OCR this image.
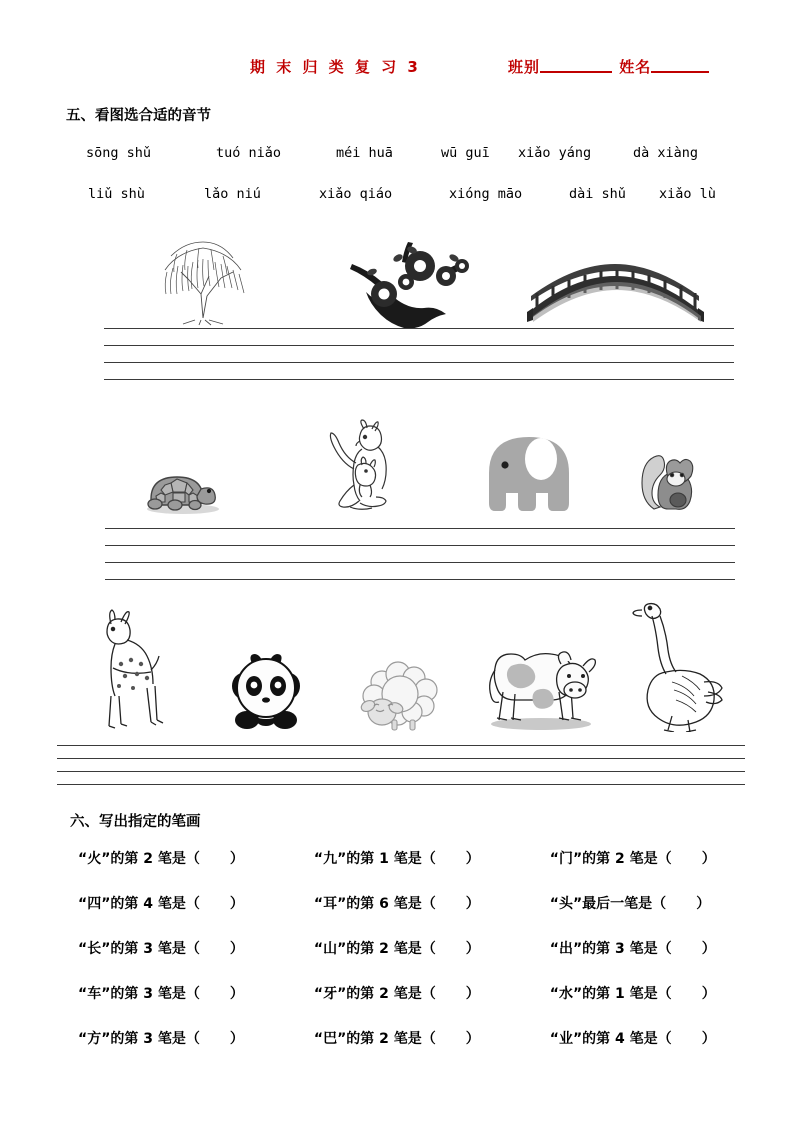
期 末 归 类 复 习 3	班别	姓名
五、看图选合适的音节
sōng shǔ	tuó niǎo	méi huā	wū guī	xiǎo yáng	dà xiàng
liǔ shù	lǎo niú	xiǎo qiáo	xióng māo	dài shǔ	xiǎo lù
六、写出指定的笔画
“火”的第 2 笔是（ ）	“九”的第 1 笔是（ ）	“门”的第 2 笔是（ ）
“四”的第 4 笔是（ ）	“耳”的第 6 笔是（ ）	“头”最后一笔是（ ）
“长”的第 3 笔是（ ）	“山”的第 2 笔是（ ）	“出”的第 3 笔是（ ）
“车”的第 3 笔是（ ）	“牙”的第 2 笔是（ ）	“水”的第 1 笔是（ ）
“方”的第 3 笔是（ ）	“巴”的第 2 笔是（ ）	“业”的第 4 笔是（ ）
